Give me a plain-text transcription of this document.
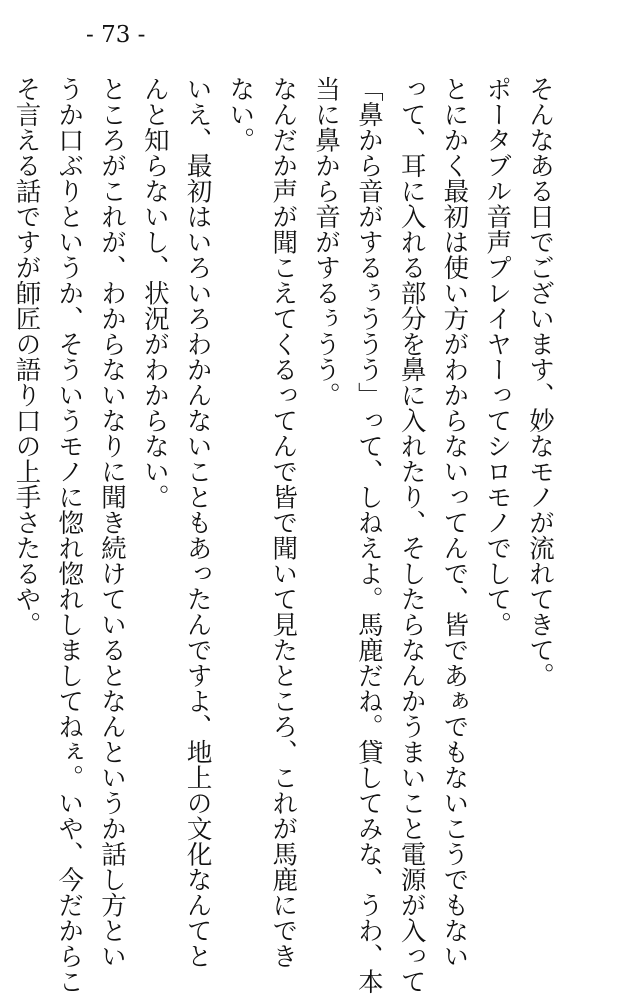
- 73 -
そんなある日でございます、妙なモノが流れてきて。
ポータブル音声プレイヤーってシロモノでして。
とにかく最初は使い方がわからないってんで、皆であぁでもないこうでもない
って、耳に入れる部分を鼻に入れたり、そしたらなんかうまいこと電源が入って
「鼻から音がするぅううう」って、しねえよ。馬鹿だね。貸してみな、うわ、本
当に鼻から音がするぅうう。
なんだか声が聞こえてくるってんで皆で聞いて見たところ、これが馬鹿にでき
ない。
いえ、最初はいろいろわかんないこともあったんですよ、地上の文化なんてと
んと知らないし、状況がわからない。
ところがこれが、わからないなりに聞き続けているとなんというか話し方とい
うか口ぶりというか、そういうモノに惚れ惚れしましてねぇ。いや、今だからこ
そ言える話ですが師匠の語り口の上手さたるや。
